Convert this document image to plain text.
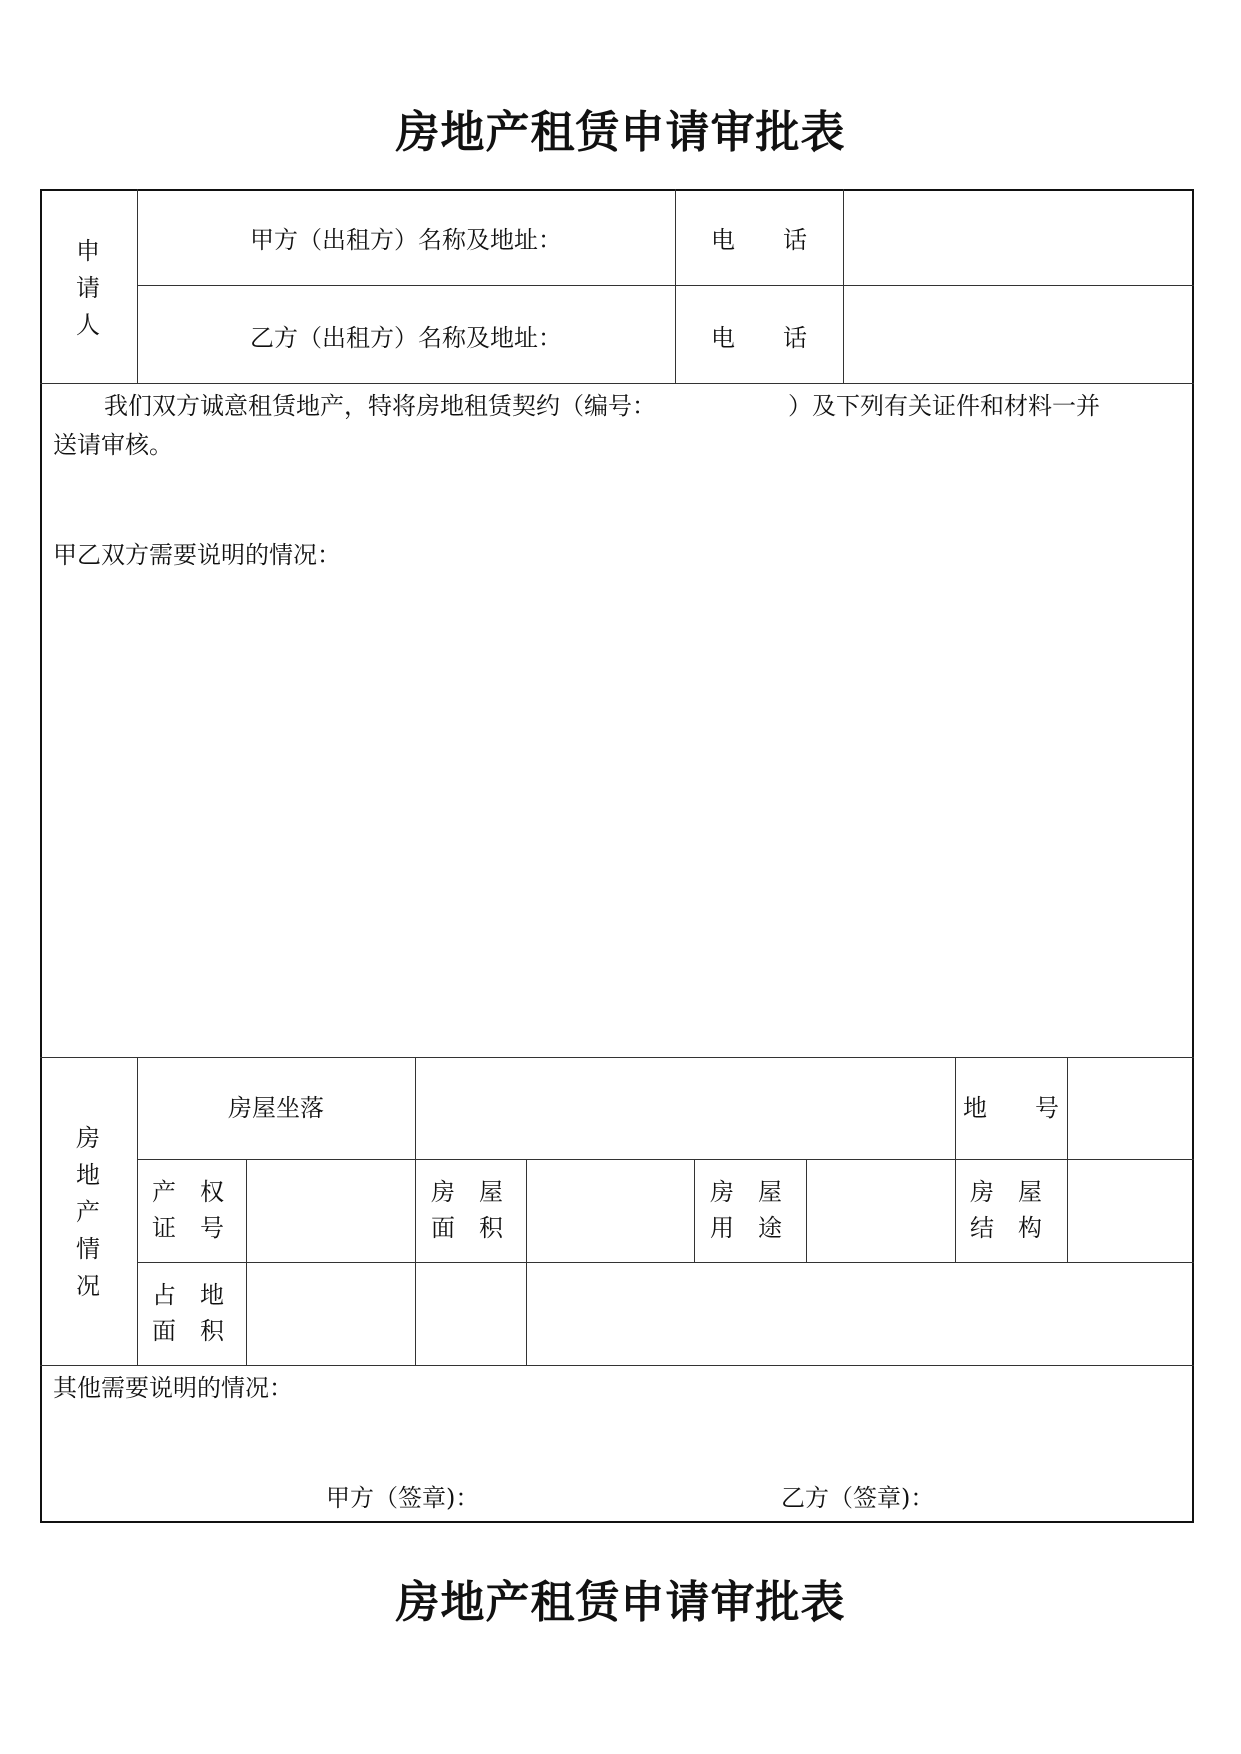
房地产租赁申请审批表
申
请
人
甲方（出租方）名称及地址：
乙方（出租方）名称及地址：
电　　话
电　　话
我们双方诚意租赁地产，特将房地租赁契约（编号：　　　　　　）及下列有关证件和材料一并
送请审核。
甲乙双方需要说明的情况：
房
地
产
情
况
房屋坐落	地　　号
产　权
证　号
房　屋
面　积
房　屋
用　途
房　屋
结　构
占　地
面　积
其他需要说明的情况：
甲方（签章)：	乙方（签章)：
房地产租赁申请审批表
